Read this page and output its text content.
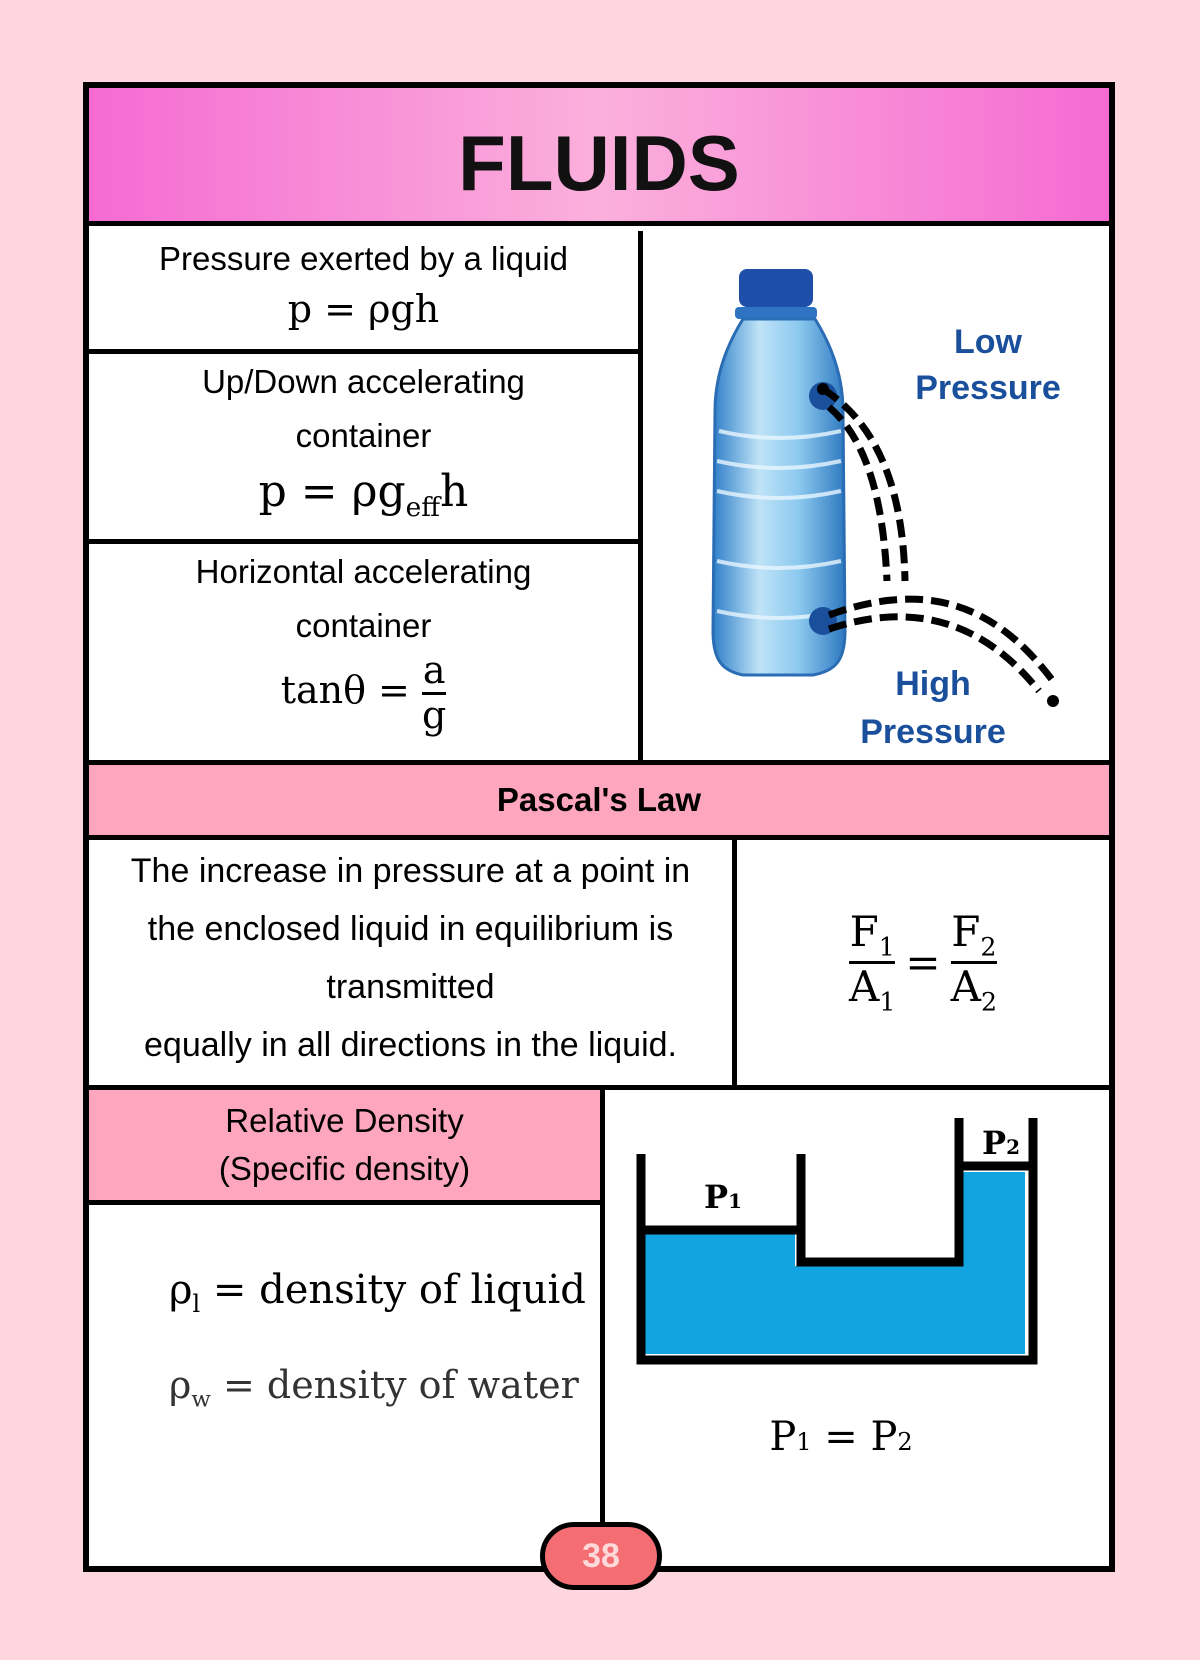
FLUIDS
Pressure exerted by a liquid
p = ρgh
Up/Down accelerating
container
$p = \rho g_{eff}h$
Horizontal accelerating
container
$\tan\theta = \frac{a}{g}$
Low
Pressure
High
Pressure
Pascal's Law
The increase in pressure at a point in
the enclosed liquid in equilibrium is
transmitted
equally in all directions in the liquid.
$\frac{F_1}{A_1} = \frac{F_2}{A_2}$
Relative Density
(Specific density)
$\rho_l$ = density of liquid
$\rho_w$ = density of water
P1
P2
P1 = P2
38
